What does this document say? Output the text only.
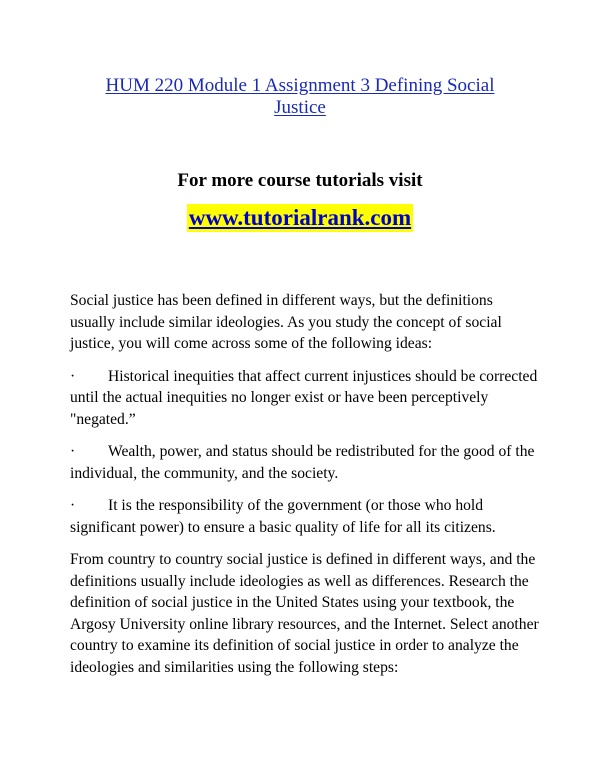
HUM 220 Module 1 Assignment 3 Defining Social Justice

For more course tutorials visit

www.tutorialrank.com

Social justice has been defined in different ways, but the definitions usually include similar ideologies. As you study the concept of social justice, you will come across some of the following ideas:

· Historical inequities that affect current injustices should be corrected until the actual inequities no longer exist or have been perceptively "negated.”

· Wealth, power, and status should be redistributed for the good of the individual, the community, and the society.

· It is the responsibility of the government (or those who hold significant power) to ensure a basic quality of life for all its citizens.

From country to country social justice is defined in different ways, and the definitions usually include ideologies as well as differences. Research the definition of social justice in the United States using your textbook, the Argosy University online library resources, and the Internet. Select another country to examine its definition of social justice in order to analyze the ideologies and similarities using the following steps:
